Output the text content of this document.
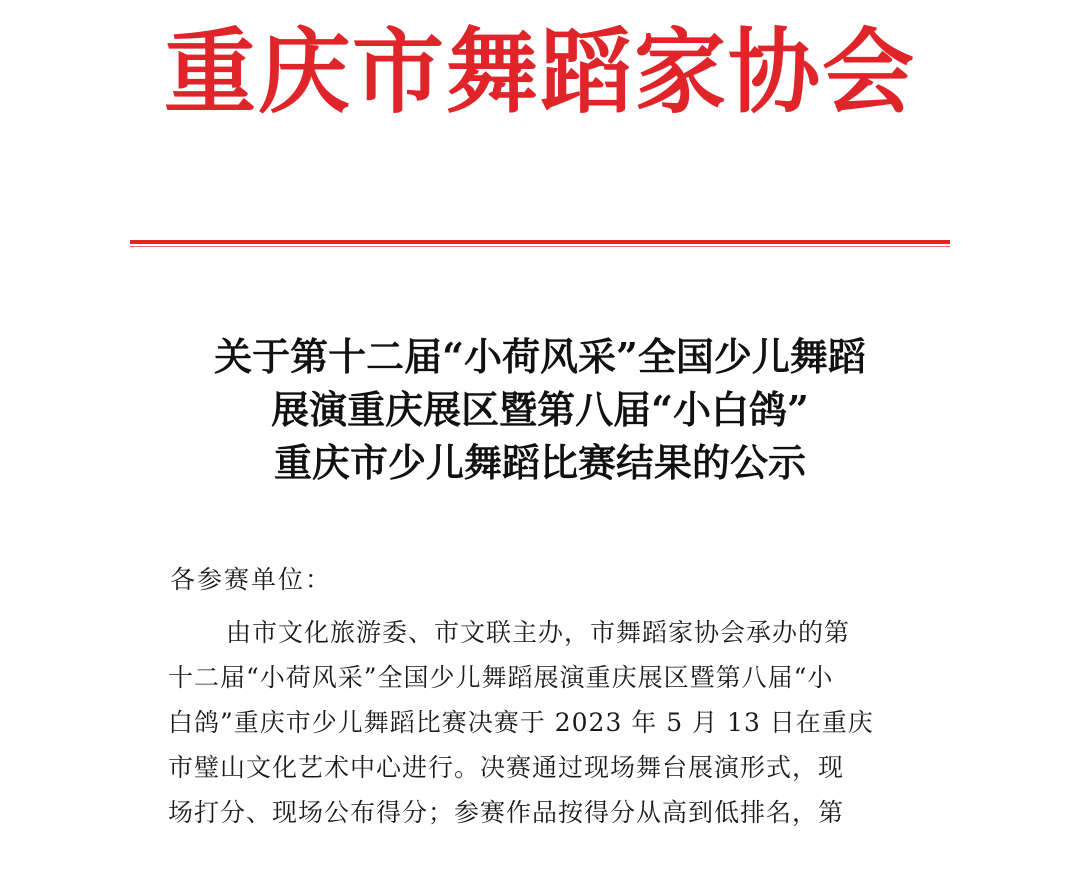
重庆市舞蹈家协会
关于第十二届“小荷风采”全国少儿舞蹈
展演重庆展区暨第八届“小白鸽”
重庆市少儿舞蹈比赛结果的公示
各参赛单位：
由市文化旅游委、市文联主办，市舞蹈家协会承办的第
十二届“小荷风采”全国少儿舞蹈展演重庆展区暨第八届“小
白鸽”重庆市少儿舞蹈比赛决赛于 2023 年 5 月 13 日在重庆
市璧山文化艺术中心进行。决赛通过现场舞台展演形式，现
场打分、现场公布得分；参赛作品按得分从高到低排名，第
